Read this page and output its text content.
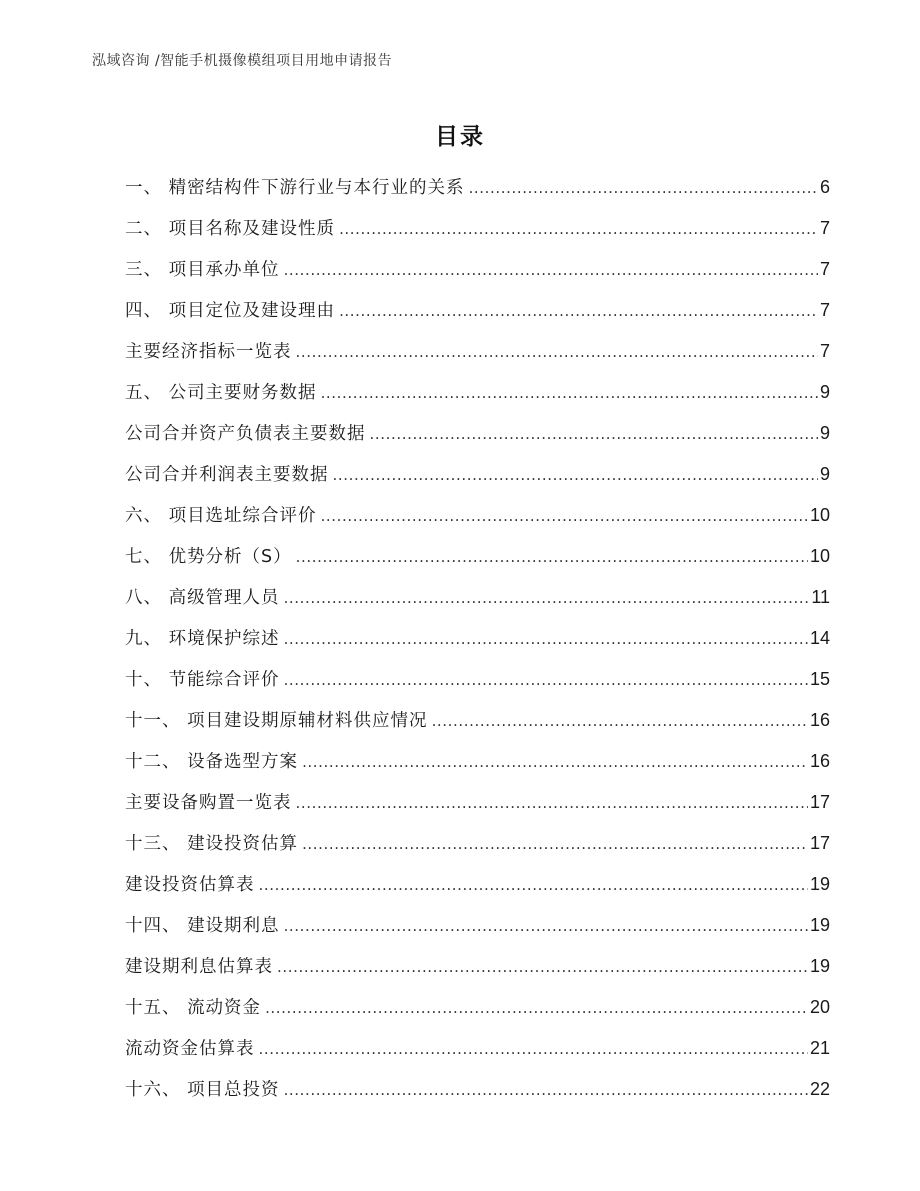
泓域咨询 /智能手机摄像模组项目用地申请报告
目录
一、 精密结构件下游行业与本行业的关系 .....	6
二、 项目名称及建设性质 .....	7
三、 项目承办单位 .....	7
四、 项目定位及建设理由 .....	7
主要经济指标一览表 .....	7
五、 公司主要财务数据 .....	9
公司合并资产负债表主要数据 .....	9
公司合并利润表主要数据 .....	9
六、 项目选址综合评价 .....	10
七、 优势分析（S） .....	10
八、 高级管理人员 .....	11
九、 环境保护综述 .....	14
十、 节能综合评价 .....	15
十一、 项目建设期原辅材料供应情况 .....	16
十二、 设备选型方案 .....	16
主要设备购置一览表 .....	17
十三、 建设投资估算 .....	17
建设投资估算表 .....	19
十四、 建设期利息 .....	19
建设期利息估算表 .....	19
十五、 流动资金 .....	20
流动资金估算表 .....	21
十六、 项目总投资 .....	22
